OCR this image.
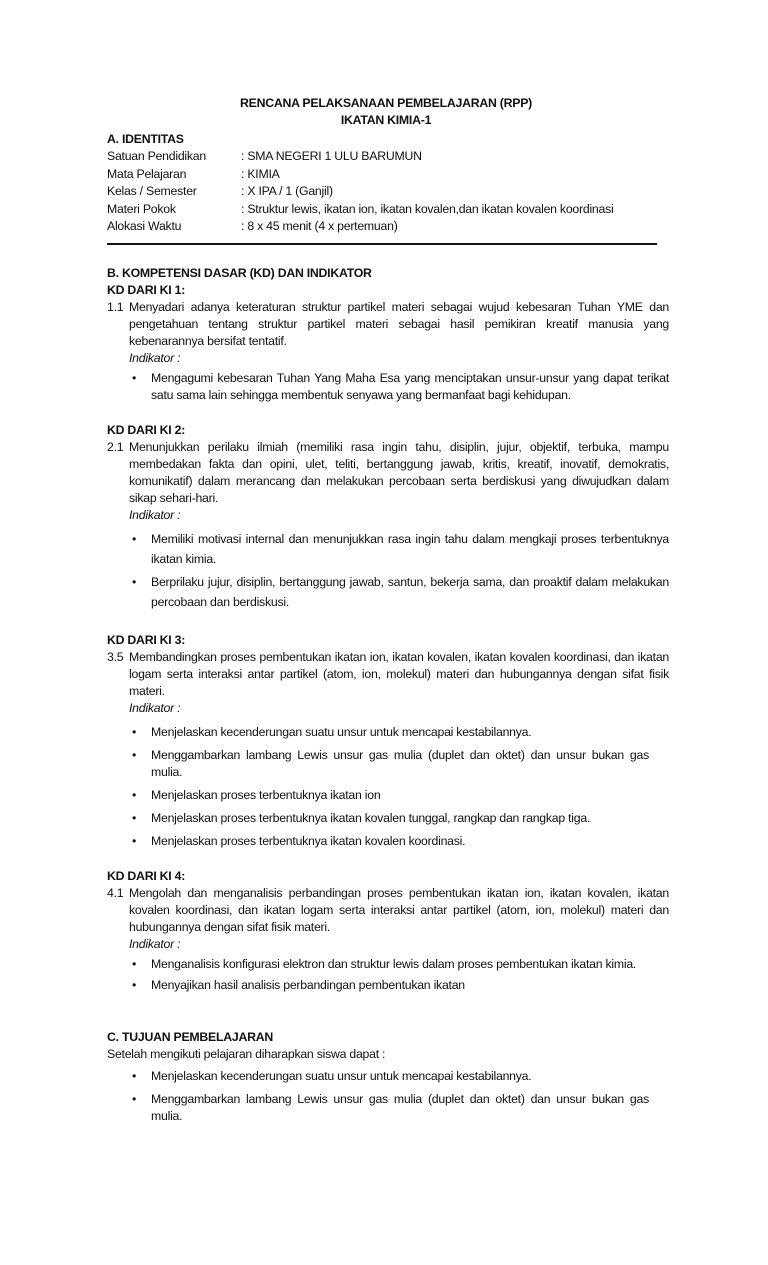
RENCANA PELAKSANAAN PEMBELAJARAN (RPP)
IKATAN KIMIA-1
A. IDENTITAS
Satuan Pendidikan	: SMA NEGERI 1 ULU BARUMUN
Mata Pelajaran	: KIMIA
Kelas / Semester	: X IPA / 1 (Ganjil)
Materi Pokok	: Struktur lewis, ikatan ion, ikatan kovalen,dan ikatan kovalen koordinasi
Alokasi Waktu	: 8 x 45 menit (4 x pertemuan)
B. KOMPETENSI DASAR (KD) DAN INDIKATOR
KD DARI KI 1:
1.1 Menyadari adanya keteraturan struktur partikel materi sebagai wujud kebesaran Tuhan YME dan pengetahuan tentang struktur partikel materi sebagai hasil pemikiran kreatif manusia yang kebenarannya bersifat tentatif.
Indikator :
•	Mengagumi kebesaran Tuhan Yang Maha Esa yang menciptakan unsur-unsur yang dapat terikat satu sama lain sehingga membentuk senyawa yang bermanfaat bagi kehidupan.
KD DARI KI 2:
2.1 Menunjukkan perilaku ilmiah (memiliki rasa ingin tahu, disiplin, jujur, objektif, terbuka, mampu membedakan fakta dan opini, ulet, teliti, bertanggung jawab, kritis, kreatif, inovatif, demokratis, komunikatif) dalam merancang dan melakukan percobaan serta berdiskusi yang diwujudkan dalam sikap sehari-hari.
Indikator :
•	Memiliki motivasi internal dan menunjukkan rasa ingin tahu dalam mengkaji proses terbentuknya ikatan kimia.
•	Berprilaku jujur, disiplin, bertanggung jawab, santun, bekerja sama, dan proaktif dalam melakukan percobaan dan berdiskusi.
KD DARI KI 3:
3.5 Membandingkan proses pembentukan ikatan ion, ikatan kovalen, ikatan kovalen koordinasi, dan ikatan logam serta interaksi antar partikel (atom, ion, molekul) materi dan hubungannya dengan sifat fisik materi.
Indikator :
•	Menjelaskan kecenderungan suatu unsur untuk mencapai kestabilannya.
•	Menggambarkan lambang Lewis unsur gas mulia (duplet dan oktet) dan unsur bukan gas mulia.
•	Menjelaskan proses terbentuknya ikatan ion
•	Menjelaskan proses terbentuknya ikatan kovalen tunggal, rangkap dan rangkap tiga.
•	Menjelaskan proses terbentuknya ikatan kovalen koordinasi.
KD DARI KI 4:
4.1 Mengolah dan menganalisis perbandingan proses pembentukan ikatan ion, ikatan kovalen, ikatan kovalen koordinasi, dan ikatan logam serta interaksi antar partikel (atom, ion, molekul) materi dan hubungannya dengan sifat fisik materi.
Indikator :
•	Menganalisis konfigurasi elektron dan struktur lewis dalam proses pembentukan ikatan kimia.
•	Menyajikan hasil analisis perbandingan pembentukan ikatan
C. TUJUAN PEMBELAJARAN
Setelah mengikuti pelajaran diharapkan siswa dapat :
•	Menjelaskan kecenderungan suatu unsur untuk mencapai kestabilannya.
•	Menggambarkan lambang Lewis unsur gas mulia (duplet dan oktet) dan unsur bukan gas mulia.
